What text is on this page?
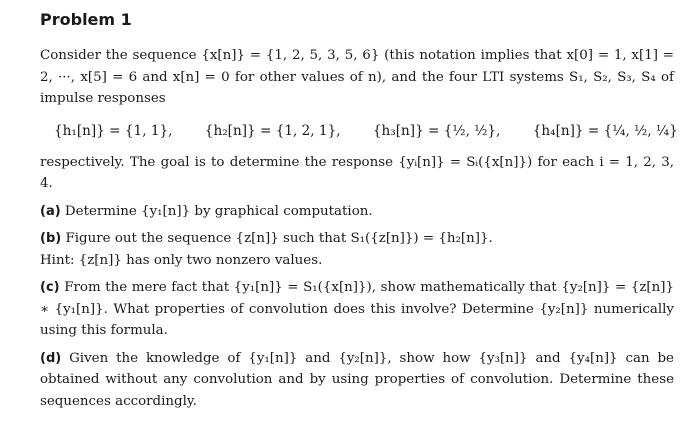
Problem 1

Consider the sequence {x[n]} = {1, 2, 5, 3, 5, 6} (this notation implies that x[0] = 1, x[1] = 2, ···, x[5] = 6 and x[n] = 0 for other values of n), and the four LTI systems S₁, S₂, S₃, S₄ of impulse responses

{h₁[n]} = {1, 1}, {h₂[n]} = {1, 2, 1}, {h₃[n]} = {½, ½}, {h₄[n]} = {¼, ½, ¼}

respectively. The goal is to determine the response {yᵢ[n]} = Sᵢ({x[n]}) for each i = 1, 2, 3, 4.

(a) Determine {y₁[n]} by graphical computation.

(b) Figure out the sequence {z[n]} such that S₁({z[n]}) = {h₂[n]}.
Hint: {z[n]} has only two nonzero values.

(c) From the mere fact that {y₁[n]} = S₁({x[n]}), show mathematically that {y₂[n]} = {z[n]} ∗ {y₁[n]}. What properties of convolution does this involve? Determine {y₂[n]} numerically using this formula.

(d) Given the knowledge of {y₁[n]} and {y₂[n]}, show how {y₃[n]} and {y₄[n]} can be obtained without any convolution and by using properties of convolution. Determine these sequences accordingly.
